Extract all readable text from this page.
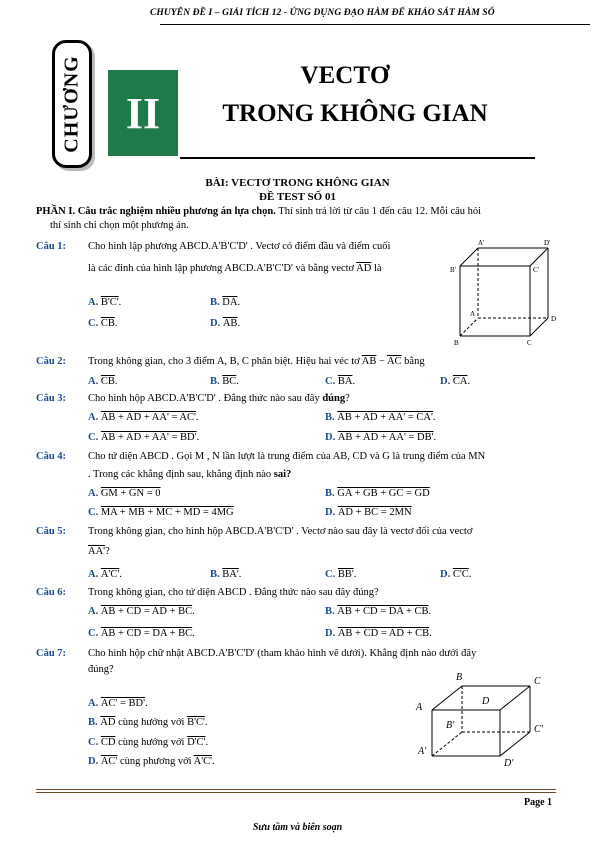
CHUYÊN ĐỀ I – GIẢI TÍCH 12 - ỨNG DỤNG ĐẠO HÀM ĐỂ KHẢO SÁT HÀM SỐ
CHƯƠNG II
VECTƠ
TRONG KHÔNG GIAN
BÀI: VECTƠ TRONG KHÔNG GIAN
ĐỀ TEST SỐ 01
PHẦN I. Câu trắc nghiệm nhiều phương án lựa chọn. Thí sinh trả lời từ câu 1 đến câu 12. Mỗi câu hỏi
thí sinh chỉ chọn một phương án.
Câu 1: Cho hình lập phương ABCD.A'B'C'D' . Vectơ có điểm đầu và điểm cuối
là các đỉnh của hình lập phương ABCD.A'B'C'D' và bằng vectơ $\overline{AD}$ là
A. B'C'.	B. $\overline{DA}$.
C. $\overline{CB}$.	D. $\overline{AB}$.
A'	D'
B'	C'
A
D
B	C
Câu 2: Trong không gian, cho 3 điểm A, B, C phân biệt. Hiệu hai véc tơ $\overline{AB} - \overline{AC}$ bằng
A. $\overline{CB}$.	B. $\overline{BC}$.	C. $\overline{BA}$.	D. $\overline{CA}$.
Câu 3: Cho hình hộp ABCD.A'B'C'D' . Đẳng thức nào sau đây đúng?
A. AB + AD + AA' = AC'.	B. AB + AD + AA' = CA'.
C. AB + AD + AA' = BD'.	D. AB + AD + AA' = DB'.
Câu 4: Cho tứ diện ABCD . Gọi M , N lần lượt là trung điểm của AB, CD và G là trung điểm của MN
. Trong các khẳng định sau, khẳng định nào sai?
A. GM + GN = 0	B. GA + GB + GC = GD
C. MA + MB + MC + MD = 4MG	D. AD + BC = 2MN
Câu 5: Trong không gian, cho hình hộp ABCD.A'B'C'D' . Vectơ nào sau đây là vectơ đối của vectơ
AA'?
A. A'C'.	B. BA'.	C. BB'.	D. C'C.
Câu 6: Trong không gian, cho tứ diện ABCD . Đẳng thức nào sau đây đúng?
A. AB + CD = AD + BC.	B. AB + CD = DA + CB.
C. AB + CD = DA + BC.	D. AB + CD = AD + CB.
Câu 7: Cho hình hộp chữ nhật ABCD.A'B'C'D' (tham khảo hình vẽ dưới). Khẳng định nào dưới đây
đúng?
A. AC' = BD'.
B. $\overline{AD}$ cùng hướng với B'C'.
C. $\overline{CD}$ cùng hướng với D'C'.
D. AC' cùng phương với A'C'.
B	C
D
A
B'	C'
A'
D'
Page 1
Sưu tầm và biên soạn
